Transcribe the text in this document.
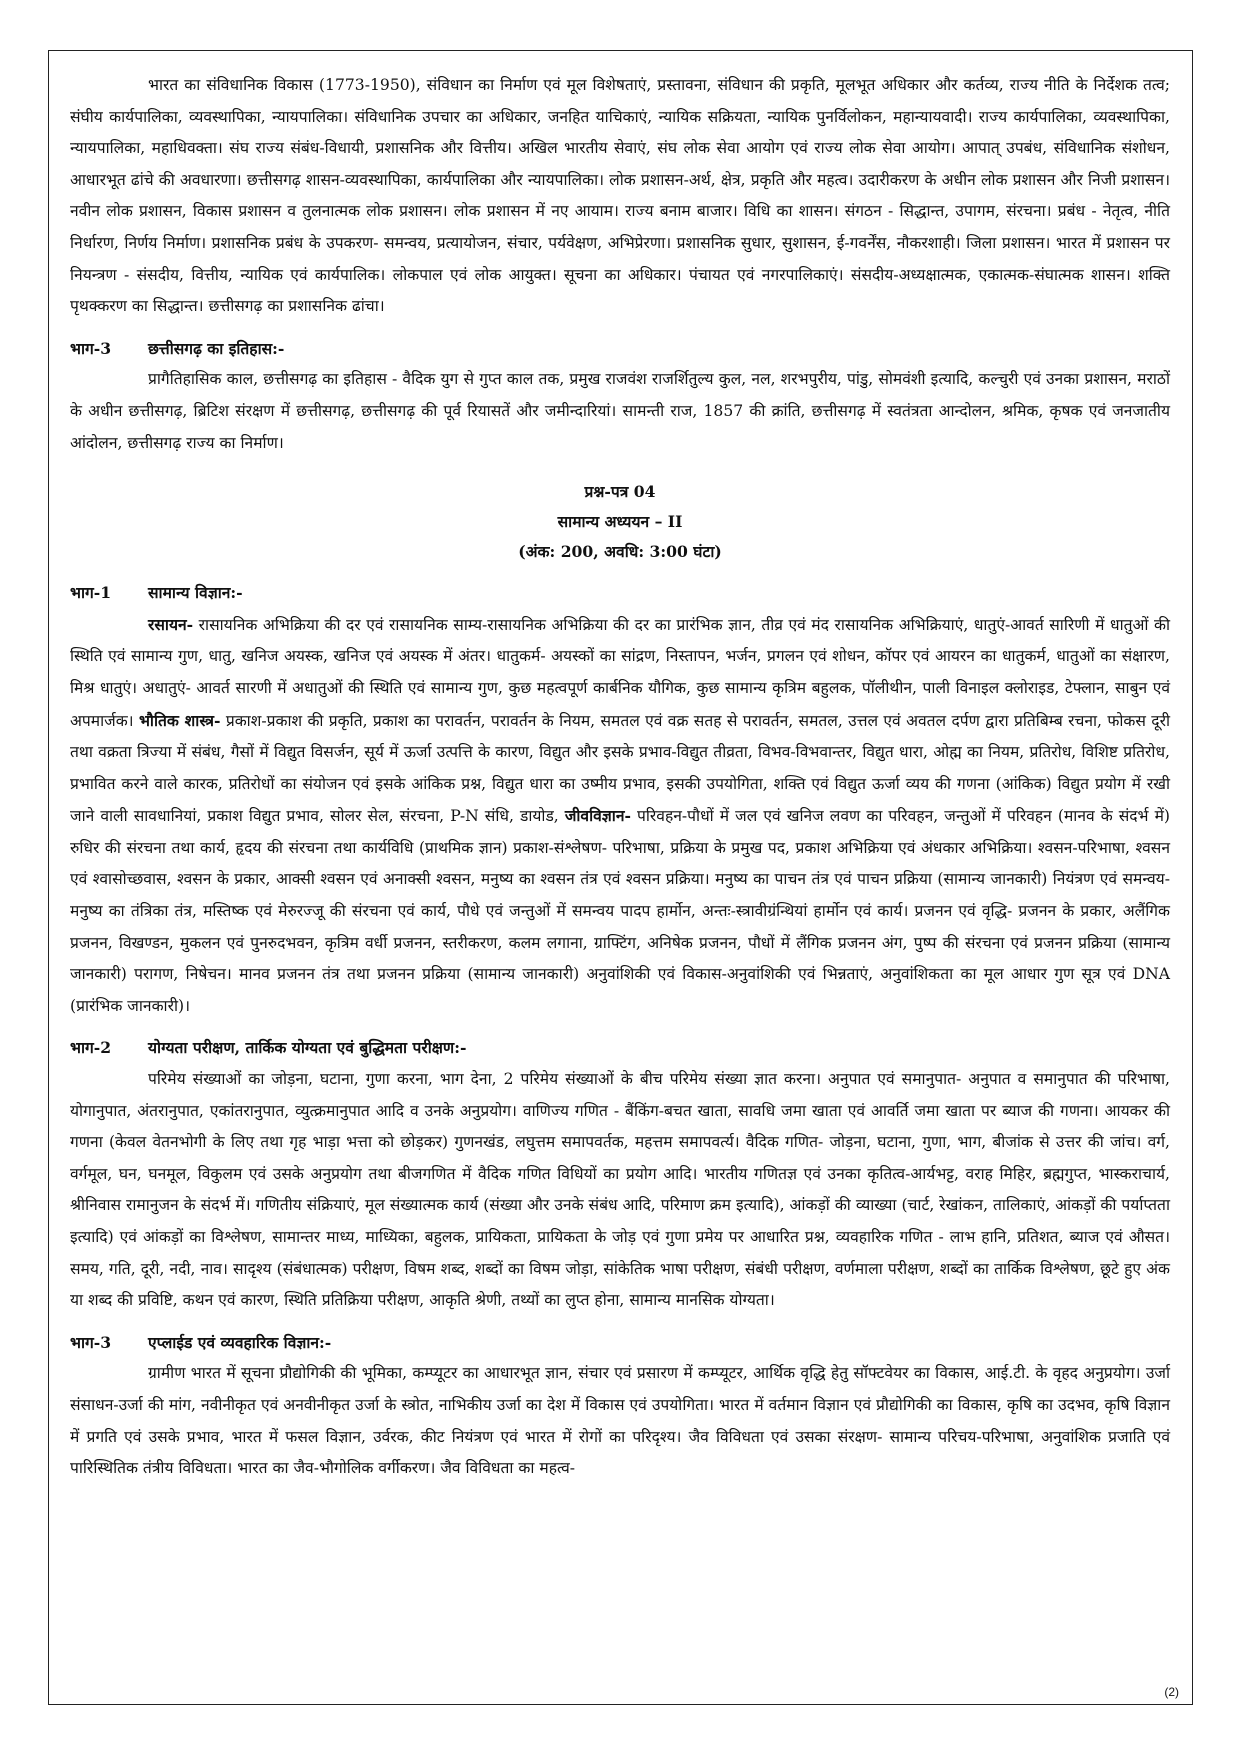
भारत का संविधानिक विकास (1773-1950), संविधान का निर्माण एवं मूल विशेषताएं, प्रस्तावना, संविधान की प्रकृति, मूलभूत अधिकार और कर्तव्य, राज्य नीति के निर्देशक तत्व; संघीय कार्यपालिका, व्यवस्थापिका, न्यायपालिका। संविधानिक उपचार का अधिकार, जनहित याचिकाएं, न्यायिक सक्रियता, न्यायिक पुनर्विलोकन, महान्यायवादी। राज्य कार्यपालिका, व्यवस्थापिका, न्यायपालिका, महाधिवक्ता। संघ राज्य संबंध-विधायी, प्रशासनिक और वित्तीय। अखिल भारतीय सेवाएं, संघ लोक सेवा आयोग एवं राज्य लोक सेवा आयोग। आपात् उपबंध, संविधानिक संशोधन, आधारभूत ढांचे की अवधारणा। छत्तीसगढ़ शासन-व्यवस्थापिका, कार्यपालिका और न्यायपालिका। लोक प्रशासन-अर्थ, क्षेत्र, प्रकृति और महत्व। उदारीकरण के अधीन लोक प्रशासन और निजी प्रशासन। नवीन लोक प्रशासन, विकास प्रशासन व तुलनात्मक लोक प्रशासन। लोक प्रशासन में नए आयाम। राज्य बनाम बाजार। विधि का शासन। संगठन - सिद्धान्त, उपागम, संरचना। प्रबंध - नेतृत्व, नीति निर्धारण, निर्णय निर्माण। प्रशासनिक प्रबंध के उपकरण- समन्वय, प्रत्यायोजन, संचार, पर्यवेक्षण, अभिप्रेरणा। प्रशासनिक सुधार, सुशासन, ई-गवर्नेंस, नौकरशाही। जिला प्रशासन। भारत में प्रशासन पर नियन्त्रण - संसदीय, वित्तीय, न्यायिक एवं कार्यपालिक। लोकपाल एवं लोक आयुक्त। सूचना का अधिकार। पंचायत एवं नगरपालिकाएं। संसदीय-अध्यक्षात्मक, एकात्मक-संघात्मक शासन। शक्ति पृथक्करण का सिद्धान्त। छत्तीसगढ़ का प्रशासनिक ढांचा।

भाग-3	छत्तीसगढ़ का इतिहास:-

प्रागैतिहासिक काल, छत्तीसगढ़ का इतिहास - वैदिक युग से गुप्त काल तक, प्रमुख राजवंश राजर्शितुल्य कुल, नल, शरभपुरीय, पांडु, सोमवंशी इत्यादि, कल्चुरी एवं उनका प्रशासन, मराठों के अधीन छत्तीसगढ़, ब्रिटिश संरक्षण में छत्तीसगढ़, छत्तीसगढ़ की पूर्व रियासतें और जमीन्दारियां। सामन्ती राज, 1857 की क्रांति, छत्तीसगढ़ में स्वतंत्रता आन्दोलन, श्रमिक, कृषक एवं जनजातीय आंदोलन, छत्तीसगढ़ राज्य का निर्माण।

प्रश्न-पत्र 04
सामान्य अध्ययन – II
(अंक: 200, अवधि: 3:00 घंटा)
भाग-1	सामान्य विज्ञान:-

रसायन- रासायनिक अभिक्रिया की दर एवं रासायनिक साम्य-रासायनिक अभिक्रिया की दर का प्रारंभिक ज्ञान, तीव्र एवं मंद रासायनिक अभिक्रियाएं, धातुएं-आवर्त सारिणी में धातुओं की स्थिति एवं सामान्य गुण, धातु, खनिज अयस्क, खनिज एवं अयस्क में अंतर। धातुकर्म- अयस्कों का सांद्रण, निस्तापन, भर्जन, प्रगलन एवं शोधन, कॉपर एवं आयरन का धातुकर्म, धातुओं का संक्षारण, मिश्र धातुएं। अधातुएं- आवर्त सारणी में अधातुओं की स्थिति एवं सामान्य गुण, कुछ महत्वपूर्ण कार्बनिक यौगिक, कुछ सामान्य कृत्रिम बहुलक, पॉलीथीन, पाली विनाइल क्लोराइड, टेफ्लान, साबुन एवं अपमार्जक। भौतिक शास्त्र- प्रकाश-प्रकाश की प्रकृति, प्रकाश का परावर्तन, परावर्तन के नियम, समतल एवं वक्र सतह से परावर्तन, समतल, उत्तल एवं अवतल दर्पण द्वारा प्रतिबिम्ब रचना, फोकस दूरी तथा वक्रता त्रिज्या में संबंध, गैसों में विद्युत विसर्जन, सूर्य में ऊर्जा उत्पत्ति के कारण, विद्युत और इसके प्रभाव-विद्युत तीव्रता, विभव-विभवान्तर, विद्युत धारा, ओह्म का नियम, प्रतिरोध, विशिष्ट प्रतिरोध, प्रभावित करने वाले कारक, प्रतिरोधों का संयोजन एवं इसके आंकिक प्रश्न, विद्युत धारा का उष्मीय प्रभाव, इसकी उपयोगिता, शक्ति एवं विद्युत ऊर्जा व्यय की गणना (आंकिक) विद्युत प्रयोग में रखी जाने वाली सावधानियां, प्रकाश विद्युत प्रभाव, सोलर सेल, संरचना, P-N संधि, डायोड, जीवविज्ञान- परिवहन-पौधों में जल एवं खनिज लवण का परिवहन, जन्तुओं में परिवहन (मानव के संदर्भ में) रुधिर की संरचना तथा कार्य, हृदय की संरचना तथा कार्यविधि (प्राथमिक ज्ञान) प्रकाश-संश्लेषण- परिभाषा, प्रक्रिया के प्रमुख पद, प्रकाश अभिक्रिया एवं अंधकार अभिक्रिया। श्वसन-परिभाषा, श्वसन एवं श्वासोच्छवास, श्वसन के प्रकार, आक्सी श्वसन एवं अनाक्सी श्वसन, मनुष्य का श्वसन तंत्र एवं श्वसन प्रक्रिया। मनुष्य का पाचन तंत्र एवं पाचन प्रक्रिया (सामान्य जानकारी) नियंत्रण एवं समन्वय- मनुष्य का तंत्रिका तंत्र, मस्तिष्क एवं मेरुरज्जू की संरचना एवं कार्य, पौधे एवं जन्तुओं में समन्वय पादप हार्मोन, अन्तः-स्त्रावीग्रंन्थियां हार्मोन एवं कार्य। प्रजनन एवं वृद्धि- प्रजनन के प्रकार, अलैंगिक प्रजनन, विखण्डन, मुकलन एवं पुनरुदभवन, कृत्रिम वर्धी प्रजनन, स्तरीकरण, कलम लगाना, ग्राफ्टिंग, अनिषेक प्रजनन, पौधों में लैंगिक प्रजनन अंग, पुष्प की संरचना एवं प्रजनन प्रक्रिया (सामान्य जानकारी) परागण, निषेचन। मानव प्रजनन तंत्र तथा प्रजनन प्रक्रिया (सामान्य जानकारी) अनुवांशिकी एवं विकास-अनुवांशिकी एवं भिन्नताएं, अनुवांशिकता का मूल आधार गुण सूत्र एवं DNA (प्रारंभिक जानकारी)।

भाग-2	योग्यता परीक्षण, तार्किक योग्यता एवं बुद्धिमता परीक्षण:-

परिमेय संख्याओं का जोड़ना, घटाना, गुणा करना, भाग देना, 2 परिमेय संख्याओं के बीच परिमेय संख्या ज्ञात करना। अनुपात एवं समानुपात- अनुपात व समानुपात की परिभाषा, योगानुपात, अंतरानुपात, एकांतरानुपात, व्युत्क्रमानुपात आदि व उनके अनुप्रयोग। वाणिज्य गणित - बैंकिंग-बचत खाता, सावधि जमा खाता एवं आवर्ति जमा खाता पर ब्याज की गणना। आयकर की गणना (केवल वेतनभोगी के लिए तथा गृह भाड़ा भत्ता को छोड़कर) गुणनखंड, लघुत्तम समापवर्तक, महत्तम समापवर्त्य। वैदिक गणित- जोड़ना, घटाना, गुणा, भाग, बीजांक से उत्तर की जांच। वर्ग, वर्गमूल, घन, घनमूल, विकुलम एवं उसके अनुप्रयोग तथा बीजगणित में वैदिक गणित विधियों का प्रयोग आदि। भारतीय गणितज्ञ एवं उनका कृतित्व-आर्यभट्ट, वराह मिहिर, ब्रह्मगुप्त, भास्कराचार्य, श्रीनिवास रामानुजन के संदर्भ में। गणितीय संक्रियाएं, मूल संख्यात्मक कार्य (संख्या और उनके संबंध आदि, परिमाण क्रम इत्यादि), आंकड़ों की व्याख्या (चार्ट, रेखांकन, तालिकाएं, आंकड़ों की पर्याप्तता इत्यादि) एवं आंकड़ों का विश्लेषण, सामान्तर माध्य, माध्यिका, बहुलक, प्रायिकता, प्रायिकता के जोड़ एवं गुणा प्रमेय पर आधारित प्रश्न, व्यवहारिक गणित - लाभ हानि, प्रतिशत, ब्याज एवं औसत। समय, गति, दूरी, नदी, नाव। सादृश्य (संबंधात्मक) परीक्षण, विषम शब्द, शब्दों का विषम जोड़ा, सांकेतिक भाषा परीक्षण, संबंधी परीक्षण, वर्णमाला परीक्षण, शब्दों का तार्किक विश्लेषण, छूटे हुए अंक या शब्द की प्रविष्टि, कथन एवं कारण, स्थिति प्रतिक्रिया परीक्षण, आकृति श्रेणी, तथ्यों का लुप्त होना, सामान्य मानसिक योग्यता।

भाग-3	एप्लाईड एवं व्यवहारिक विज्ञान:-

ग्रामीण भारत में सूचना प्रौद्योगिकी की भूमिका, कम्प्यूटर का आधारभूत ज्ञान, संचार एवं प्रसारण में कम्प्यूटर, आर्थिक वृद्धि हेतु सॉफ्टवेयर का विकास, आई.टी. के वृहद अनुप्रयोग। उर्जा संसाधन-उर्जा की मांग, नवीनीकृत एवं अनवीनीकृत उर्जा के स्त्रोत, नाभिकीय उर्जा का देश में विकास एवं उपयोगिता। भारत में वर्तमान विज्ञान एवं प्रौद्योगिकी का विकास, कृषि का उदभव, कृषि विज्ञान में प्रगति एवं उसके प्रभाव, भारत में फसल विज्ञान, उर्वरक, कीट नियंत्रण एवं भारत में रोगों का परिदृश्य। जैव विविधता एवं उसका संरक्षण- सामान्य परिचय-परिभाषा, अनुवांशिक प्रजाति एवं पारिस्थितिक तंत्रीय विविधता। भारत का जैव-भौगोलिक वर्गीकरण। जैव विविधता का महत्व-

(2)
